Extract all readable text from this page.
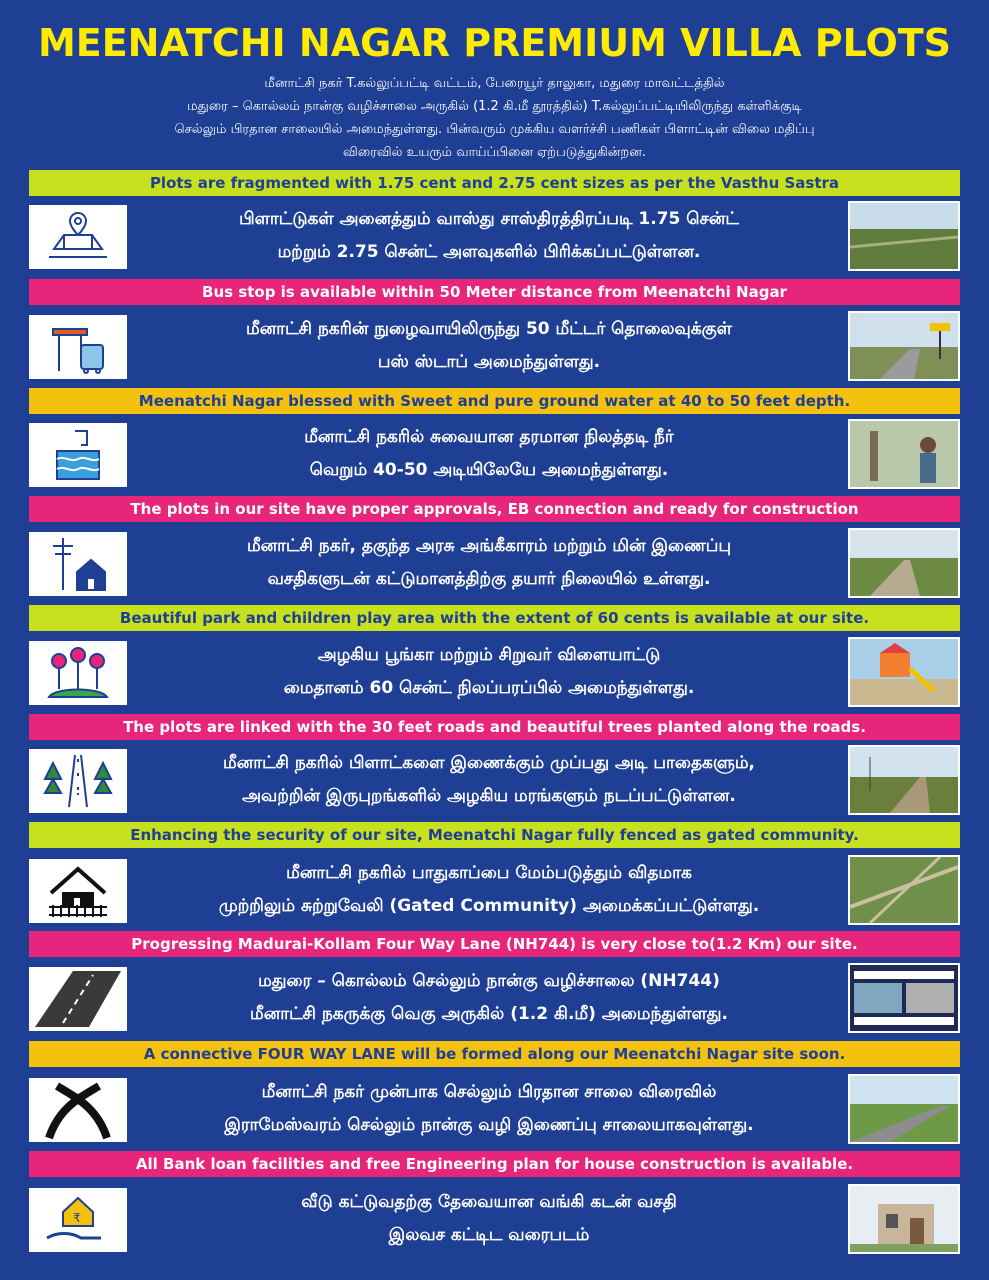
MEENATCHI NAGAR PREMIUM VILLA PLOTS
மீனாட்சி நகர் T.கல்லுப்பட்டி வட்டம், பேரையூர் தாலுகா, மதுரை மாவட்டத்தில்
மதுரை – கொல்லம் நான்கு வழிச்சாலை அருகில் (1.2 கி.மீ தூரத்தில்) T.கல்லுப்பட்டியிலிருந்து கள்ளிக்குடி
செல்லும் பிரதான சாலையில் அமைந்துள்ளது. பின்வரும் முக்கிய வளர்ச்சி பணிகள் பிளாட்டின் விலை மதிப்பு
விரைவில் உயரும் வாய்ப்பினை ஏற்படுத்துகின்றன.
Plots are fragmented with 1.75 cent and 2.75 cent sizes as per the Vasthu Sastra
பிளாட்டுகள் அனைத்தும் வாஸ்து சாஸ்திரத்திரப்படி 1.75 சென்ட்
மற்றும் 2.75 சென்ட் அளவுகளில் பிரிக்கப்பட்டுள்ளன.
Bus stop is available within 50 Meter distance from Meenatchi Nagar
மீனாட்சி நகரின் நுழைவாயிலிருந்து 50 மீட்டர் தொலைவுக்குள்
பஸ் ஸ்டாப் அமைந்துள்ளது.
Meenatchi Nagar blessed with Sweet and pure ground water at 40 to 50 feet depth.
மீனாட்சி நகரில் சுவையான தரமான நிலத்தடி நீர்
வெறும் 40-50 அடியிலேயே அமைந்துள்ளது.
The plots in our site have proper approvals, EB connection and ready for construction
மீனாட்சி நகர், தகுந்த அரசு அங்கீகாரம் மற்றும் மின் இணைப்பு
வசதிகளுடன் கட்டுமானத்திற்கு தயார் நிலையில் உள்ளது.
Beautiful park and children play area with the extent of 60 cents is available at our site.
அழகிய பூங்கா மற்றும் சிறுவர் விளையாட்டு
மைதானம் 60 சென்ட் நிலப்பரப்பில் அமைந்துள்ளது.
The plots are linked with the 30 feet roads and beautiful trees planted along the roads.
மீனாட்சி நகரில் பிளாட்களை இணைக்கும் முப்பது அடி பாதைகளும்,
அவற்றின் இருபுறங்களில் அழகிய மரங்களும் நடப்பட்டுள்ளன.
Enhancing the security of our site, Meenatchi Nagar fully fenced as gated community.
மீனாட்சி நகரில் பாதுகாப்பை மேம்படுத்தும் விதமாக
முற்றிலும் சுற்றுவேலி (Gated Community) அமைக்கப்பட்டுள்ளது.
Progressing Madurai-Kollam Four Way Lane (NH744) is very close to(1.2 Km) our site.
மதுரை – கொல்லம் செல்லும் நான்கு வழிச்சாலை (NH744)
மீனாட்சி நகருக்கு வெகு அருகில் (1.2 கி.மீ) அமைந்துள்ளது.
A connective FOUR WAY LANE will be formed along our Meenatchi Nagar site soon.
மீனாட்சி நகர் முன்பாக செல்லும் பிரதான சாலை விரைவில்
இராமேஸ்வரம் செல்லும் நான்கு வழி இணைப்பு சாலையாகவுள்ளது.
All Bank loan facilities and free Engineering plan for house construction is available.
₹
வீடு கட்டுவதற்கு தேவையான வங்கி கடன் வசதி
இலவச கட்டிட வரைபடம்
